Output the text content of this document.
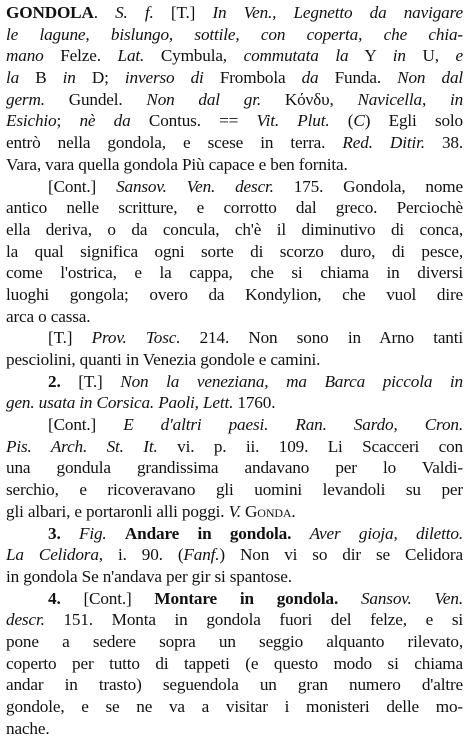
GONDOLA. S. f. [T.] In Ven., Legnetto da navigare
le lagune, bislungo, sottile, con coperta, che chia-
mano Felze. Lat. Cymbula, commutata la Y in U, e
la B in D; inverso di Frombola da Funda. Non dal
germ. Gundel. Non dal gr. Κόνδυ, Navicella, in
Esichio; nè da Contus. == Vit. Plut. (C) Egli solo
entrò nella gondola, e scese in terra. Red. Ditir. 38.
Vara, vara quella gondola Più capace e ben fornita.
[Cont.] Sansov. Ven. descr. 175. Gondola, nome
antico nelle scritture, e corrotto dal greco. Perciochè
ella deriva, o da concula, ch'è il diminutivo di conca,
la qual significa ogni sorte di scorzo duro, di pesce,
come l'ostrica, e la cappa, che si chiama in diversi
luoghi gongola; overo da Kondylion, che vuol dire
arca o cassa.
[T.] Prov. Tosc. 214. Non sono in Arno tanti
pesciolini, quanti in Venezia gondole e camini.
2. [T.] Non la veneziana, ma Barca piccola in
gen. usata in Corsica. Paoli, Lett. 1760.
[Cont.] E d'altri paesi. Ran. Sardo, Cron.
Pis. Arch. St. It. vi. p. ii. 109. Li Scacceri con
una gondula grandissima andavano per lo Valdi-
serchio, e ricoveravano gli uomini levandoli su per
gli albari, e portaronli alli poggi. V. Gonda.
3. Fig. Andare in gondola. Aver gioja, diletto.
La Celidora, i. 90. (Fanf.) Non vi so dir se Celidora
in gondola Se n'andava per gir si spantose.
4. [Cont.] Montare in gondola. Sansov. Ven.
descr. 151. Monta in gondola fuori del felze, e si
pone a sedere sopra un seggio alquanto rilevato,
coperto per tutto di tappeti (e questo modo si chiama
andar in trasto) seguendola un gran numero d'altre
gondole, e se ne va a visitar i monisteri delle mo-
nache.
